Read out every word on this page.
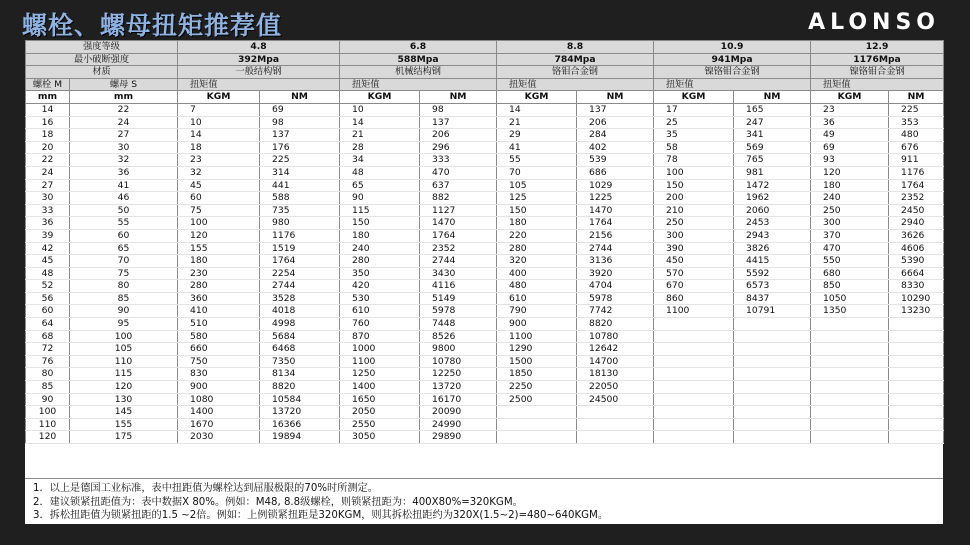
螺栓、螺母扭矩推荐值	ALONSO
强度等级		4.8		6.8		8.8		10.9		12.9	
最小破断强度		392Mpa		588Mpa		784Mpa		941Mpa		1176Mpa	
材质		一般结构钢		机械结构钢		铬钼合金钢		镍铬钼合金钢		镍铬钼合金钢	
螺栓 M	螺母 S	扭矩值		扭矩值		扭矩值		扭矩值		扭矩值	
mm	mm	KGM	NM	KGM	NM	KGM	NM	KGM	NM	KGM	NM
14	22	7	69	10	98	14	137	17	165	23	225
16	24	10	98	14	137	21	206	25	247	36	353
18	27	14	137	21	206	29	284	35	341	49	480
20	30	18	176	28	296	41	402	58	569	69	676
22	32	23	225	34	333	55	539	78	765	93	911
24	36	32	314	48	470	70	686	100	981	120	1176
27	41	45	441	65	637	105	1029	150	1472	180	1764
30	46	60	588	90	882	125	1225	200	1962	240	2352
33	50	75	735	115	1127	150	1470	210	2060	250	2450
36	55	100	980	150	1470	180	1764	250	2453	300	2940
39	60	120	1176	180	1764	220	2156	300	2943	370	3626
42	65	155	1519	240	2352	280	2744	390	3826	470	4606
45	70	180	1764	280	2744	320	3136	450	4415	550	5390
48	75	230	2254	350	3430	400	3920	570	5592	680	6664
52	80	280	2744	420	4116	480	4704	670	6573	850	8330
56	85	360	3528	530	5149	610	5978	860	8437	1050	10290
60	90	410	4018	610	5978	790	7742	1100	10791	1350	13230
64	95	510	4998	760	7448	900	8820				
68	100	580	5684	870	8526	1100	10780				
72	105	660	6468	1000	9800	1290	12642				
76	110	750	7350	1100	10780	1500	14700				
80	115	830	8134	1250	12250	1850	18130				
85	120	900	8820	1400	13720	2250	22050				
90	130	1080	10584	1650	16170	2500	24500				
100	145	1400	13720	2050	20090						
110	155	1670	16366	2550	24990						
120	175	2030	19894	3050	29890						
1．以上是德国工业标准，表中扭距值为螺栓达到屈服极限的70%时所测定。
2．建议锁紧扭距值为：表中数据X 80%。例如：M48, 8.8级螺栓，则锁紧扭距为：400X80%=320KGM。
3．拆松扭距值为锁紧扭距的1.5 ~2倍。例如：上例锁紧扭距是320KGM，则其拆松扭距约为320X(1.5~2)=480~640KGM。
